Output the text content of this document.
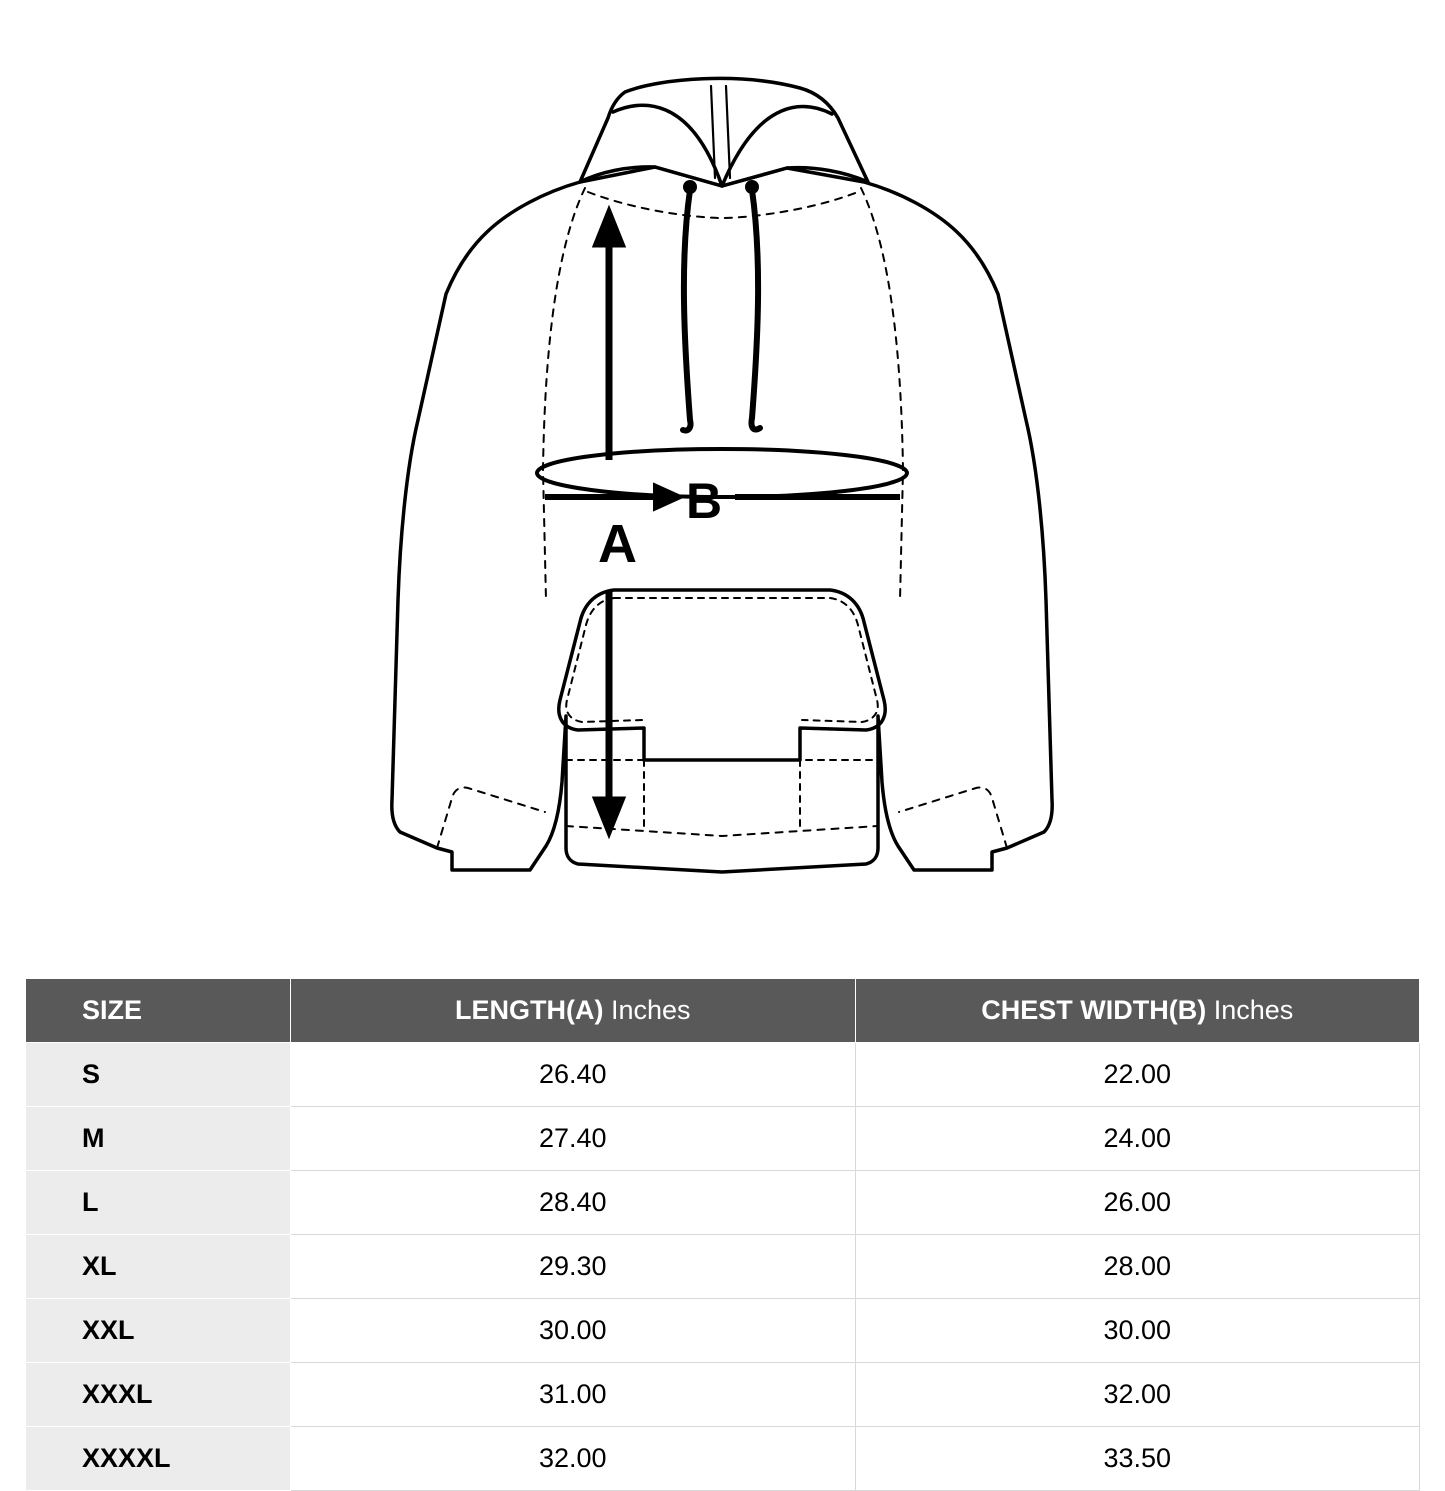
A
B
SIZE	LENGTH(A) Inches	CHEST WIDTH(B) Inches
S	26.40	22.00
M	27.40	24.00
L	28.40	26.00
XL	29.30	28.00
XXL	30.00	30.00
XXXL	31.00	32.00
XXXXL	32.00	33.50
